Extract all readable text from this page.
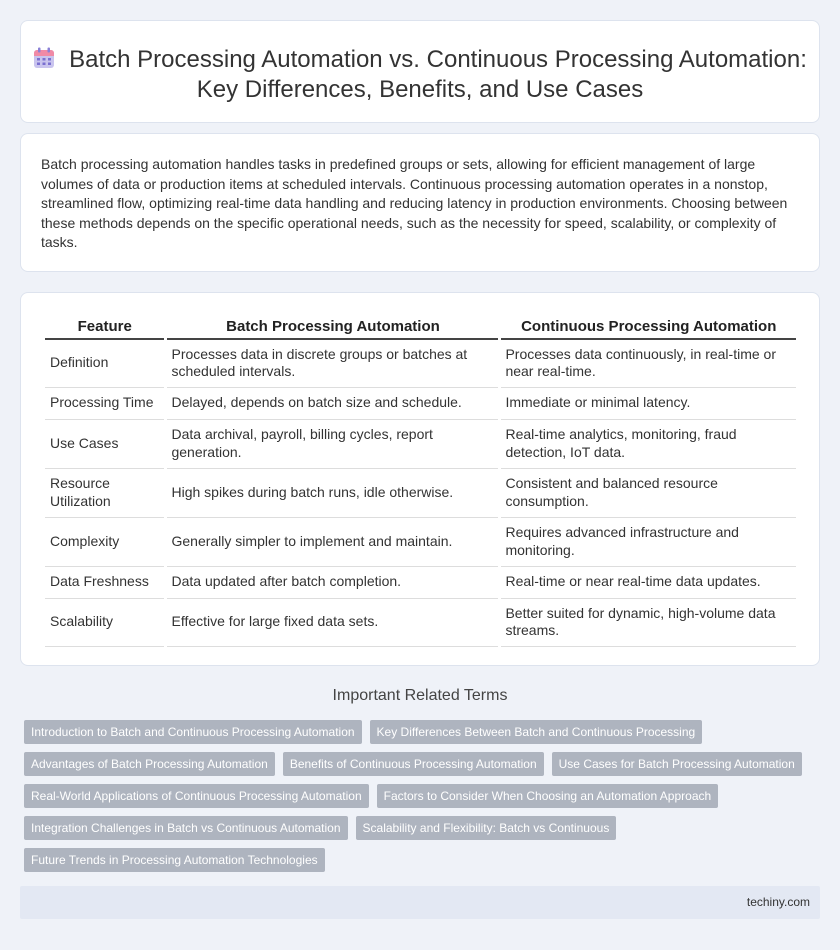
Batch Processing Automation vs. Continuous Processing Automation: Key Differences, Benefits, and Use Cases

Batch processing automation handles tasks in predefined groups or sets, allowing for efficient management of large volumes of data or production items at scheduled intervals. Continuous processing automation operates in a nonstop, streamlined flow, optimizing real-time data handling and reducing latency in production environments. Choosing between these methods depends on the specific operational needs, such as the necessity for speed, scalability, or complexity of tasks.

Feature	Batch Processing Automation	Continuous Processing Automation
Definition	Processes data in discrete groups or batches at scheduled intervals.	Processes data continuously, in real-time or near real-time.
Processing Time	Delayed, depends on batch size and schedule.	Immediate or minimal latency.
Use Cases	Data archival, payroll, billing cycles, report generation.	Real-time analytics, monitoring, fraud detection, IoT data.
Resource Utilization	High spikes during batch runs, idle otherwise.	Consistent and balanced resource consumption.
Complexity	Generally simpler to implement and maintain.	Requires advanced infrastructure and monitoring.
Data Freshness	Data updated after batch completion.	Real-time or near real-time data updates.
Scalability	Effective for large fixed data sets.	Better suited for dynamic, high-volume data streams.
Important Related Terms
Introduction to Batch and Continuous Processing Automation	Key Differences Between Batch and Continuous Processing
Advantages of Batch Processing Automation	Benefits of Continuous Processing Automation	Use Cases for Batch Processing Automation
Real-World Applications of Continuous Processing Automation	Factors to Consider When Choosing an Automation Approach
Integration Challenges in Batch vs Continuous Automation	Scalability and Flexibility: Batch vs Continuous
Future Trends in Processing Automation Technologies
techiny.com
